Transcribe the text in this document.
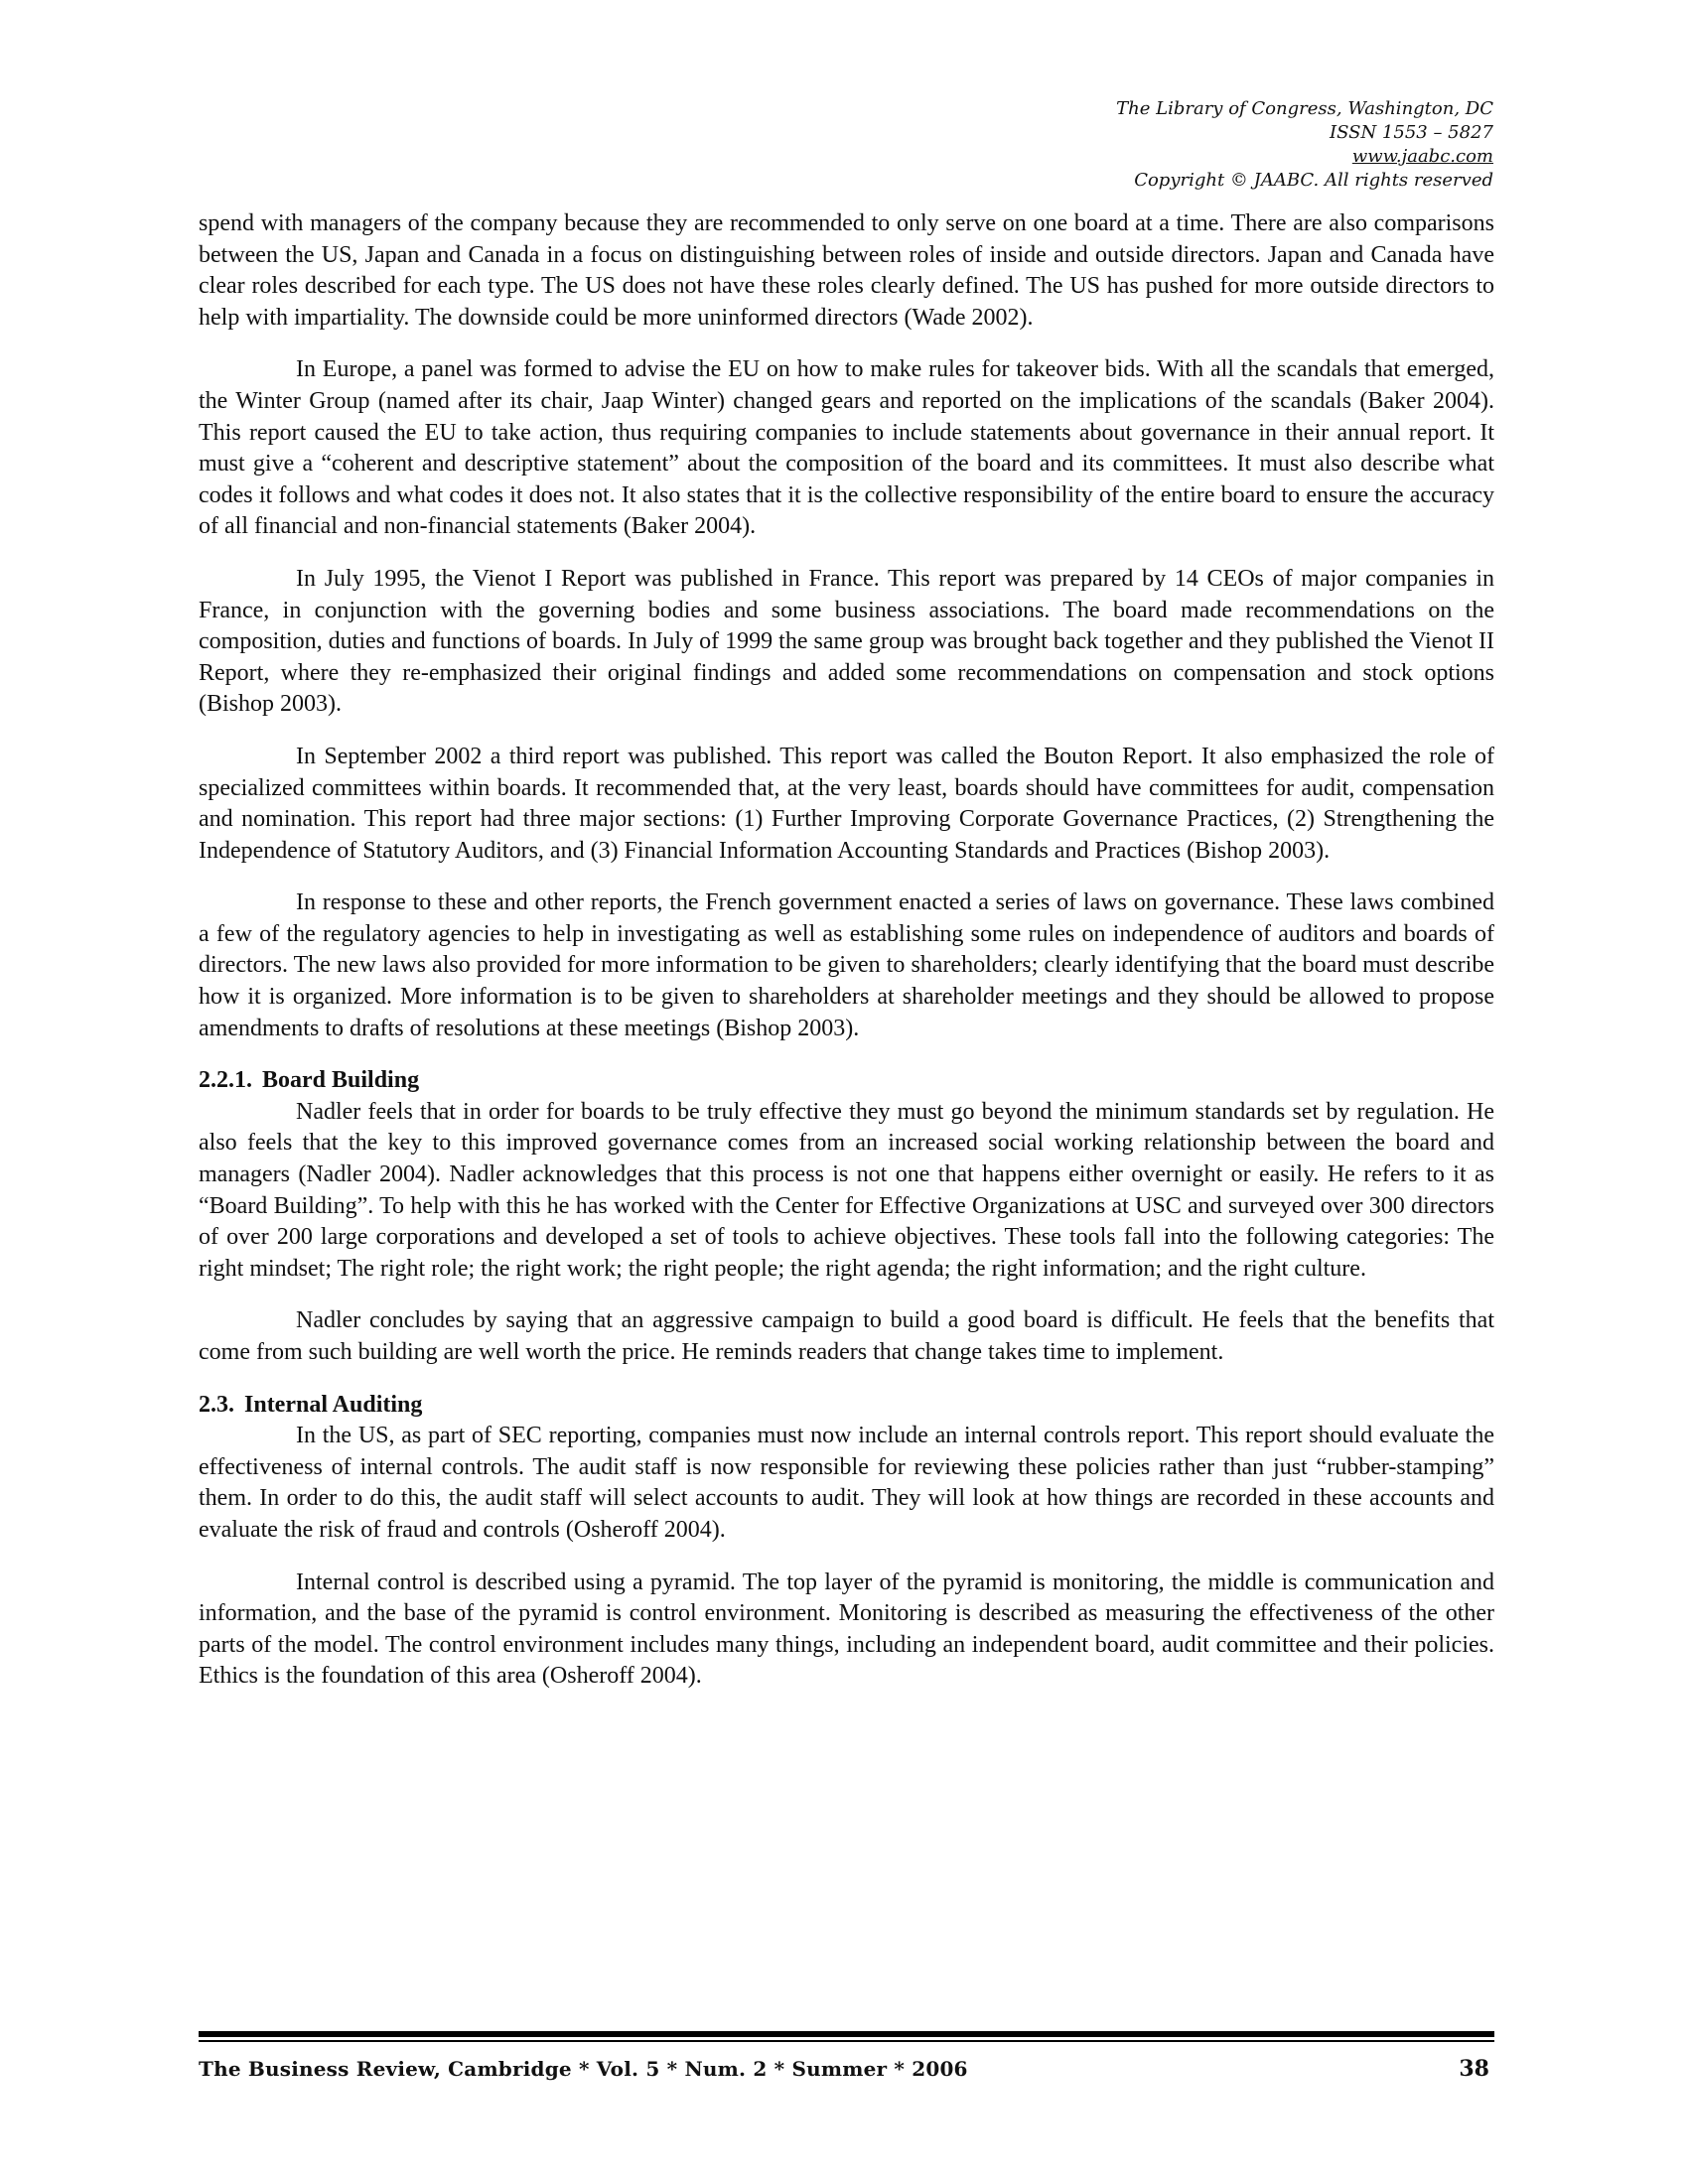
The Library of Congress, Washington, DC
ISSN 1553 – 5827
www.jaabc.com
Copyright © JAABC. All rights reserved

spend with managers of the company because they are recommended to only serve on one board at a time. There are also comparisons between the US, Japan and Canada in a focus on distinguishing between roles of inside and outside directors. Japan and Canada have clear roles described for each type. The US does not have these roles clearly defined. The US has pushed for more outside directors to help with impartiality. The downside could be more uninformed directors (Wade 2002).

In Europe, a panel was formed to advise the EU on how to make rules for takeover bids. With all the scandals that emerged, the Winter Group (named after its chair, Jaap Winter) changed gears and reported on the implications of the scandals (Baker 2004). This report caused the EU to take action, thus requiring companies to include statements about governance in their annual report. It must give a “coherent and descriptive statement” about the composition of the board and its committees. It must also describe what codes it follows and what codes it does not. It also states that it is the collective responsibility of the entire board to ensure the accuracy of all financial and non-financial statements (Baker 2004).

In July 1995, the Vienot I Report was published in France. This report was prepared by 14 CEOs of major companies in France, in conjunction with the governing bodies and some business associations. The board made recommendations on the composition, duties and functions of boards. In July of 1999 the same group was brought back together and they published the Vienot II Report, where they re-emphasized their original findings and added some recommendations on compensation and stock options (Bishop 2003).

In September 2002 a third report was published. This report was called the Bouton Report. It also emphasized the role of specialized committees within boards. It recommended that, at the very least, boards should have committees for audit, compensation and nomination. This report had three major sections: (1) Further Improving Corporate Governance Practices, (2) Strengthening the Independence of Statutory Auditors, and (3) Financial Information Accounting Standards and Practices (Bishop 2003).

In response to these and other reports, the French government enacted a series of laws on governance. These laws combined a few of the regulatory agencies to help in investigating as well as establishing some rules on independence of auditors and boards of directors. The new laws also provided for more information to be given to shareholders; clearly identifying that the board must describe how it is organized. More information is to be given to shareholders at shareholder meetings and they should be allowed to propose amendments to drafts of resolutions at these meetings (Bishop 2003).

2.2.1. Board Building

Nadler feels that in order for boards to be truly effective they must go beyond the minimum standards set by regulation. He also feels that the key to this improved governance comes from an increased social working relationship between the board and managers (Nadler 2004). Nadler acknowledges that this process is not one that happens either overnight or easily. He refers to it as “Board Building”. To help with this he has worked with the Center for Effective Organizations at USC and surveyed over 300 directors of over 200 large corporations and developed a set of tools to achieve objectives. These tools fall into the following categories: The right mindset; The right role; the right work; the right people; the right agenda; the right information; and the right culture.

Nadler concludes by saying that an aggressive campaign to build a good board is difficult. He feels that the benefits that come from such building are well worth the price. He reminds readers that change takes time to implement.

2.3. Internal Auditing

In the US, as part of SEC reporting, companies must now include an internal controls report. This report should evaluate the effectiveness of internal controls. The audit staff is now responsible for reviewing these policies rather than just “rubber-stamping” them. In order to do this, the audit staff will select accounts to audit. They will look at how things are recorded in these accounts and evaluate the risk of fraud and controls (Osheroff 2004).

Internal control is described using a pyramid. The top layer of the pyramid is monitoring, the middle is communication and information, and the base of the pyramid is control environment. Monitoring is described as measuring the effectiveness of the other parts of the model. The control environment includes many things, including an independent board, audit committee and their policies. Ethics is the foundation of this area (Osheroff 2004).

The Business Review, Cambridge * Vol. 5 * Num. 2 * Summer * 2006	38
